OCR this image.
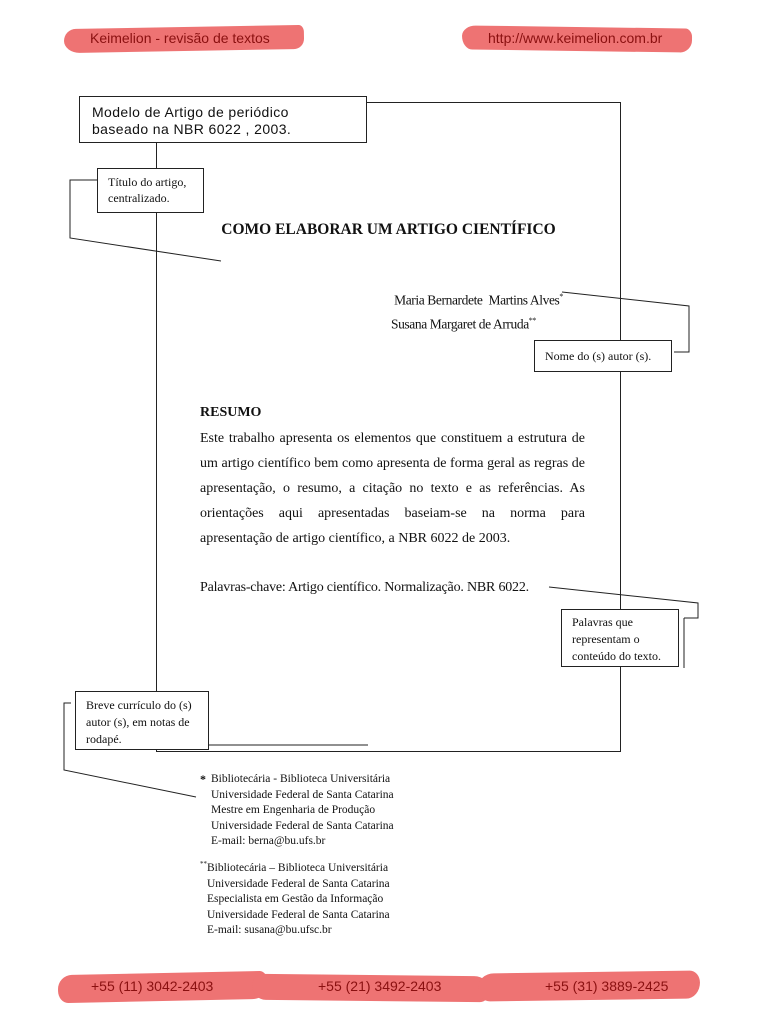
Keimelion - revisão de textos	http://www.keimelion.com.br
Modelo de Artigo de periódico
baseado na NBR 6022 , 2003.
Título do artigo,
centralizado.
COMO ELABORAR UM ARTIGO CIENTÍFICO

Maria Bernardete  Martins Alves*

Susana Margaret de Arruda**

Nome do (s) autor (s).
RESUMO
Este trabalho apresenta os elementos que constituem a estrutura de um artigo científico bem como apresenta de forma geral as regras de apresentação, o resumo, a citação no texto e as referências. As orientações aqui apresentadas baseiam-se na norma para apresentação de artigo científico, a NBR 6022 de 2003.
Palavras-chave: Artigo científico. Normalização. NBR 6022.
Palavras que
representam o
conteúdo do texto.
Breve currículo do (s)
autor (s), em notas de
rodapé.
* Bibliotecária - Biblioteca Universitária
Universidade Federal de Santa Catarina
Mestre em Engenharia de Produção
Universidade Federal de Santa Catarina
E-mail: berna@bu.ufs.br
** Bibliotecária – Biblioteca Universitária
Universidade Federal de Santa Catarina
Especialista em Gestão da Informação
Universidade Federal de Santa Catarina
E-mail: susana@bu.ufsc.br
+55 (11) 3042-2403	+55 (21) 3492-2403	+55 (31) 3889-2425
